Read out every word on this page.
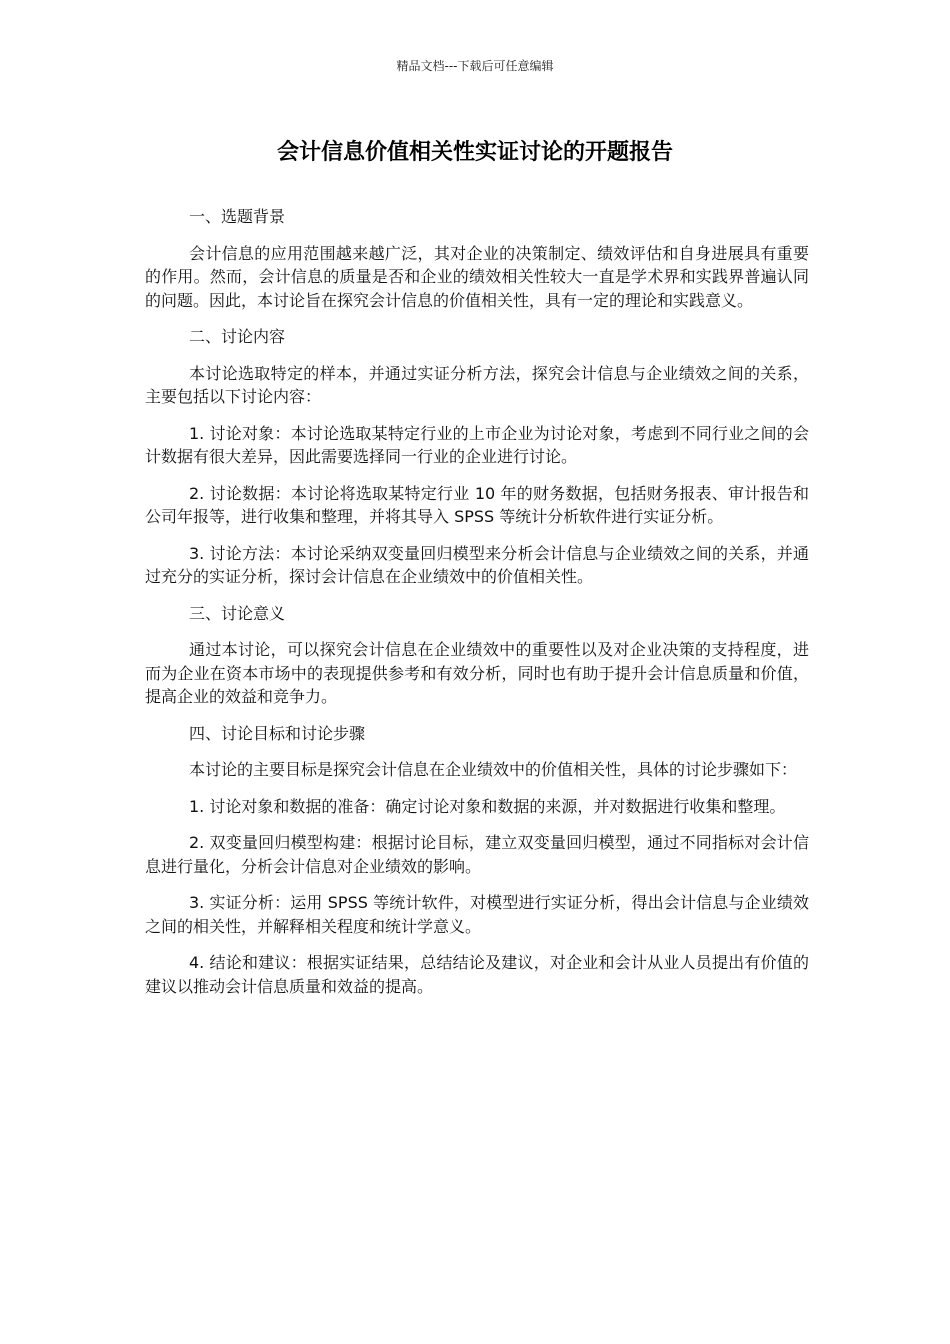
精品文档---下载后可任意编辑
会计信息价值相关性实证讨论的开题报告

一、选题背景

会计信息的应用范围越来越广泛，其对企业的决策制定、绩效评估和自身进展具有重要的作用。然而，会计信息的质量是否和企业的绩效相关性较大一直是学术界和实践界普遍认同的问题。因此，本讨论旨在探究会计信息的价值相关性，具有一定的理论和实践意义。

二、讨论内容

本讨论选取特定的样本，并通过实证分析方法，探究会计信息与企业绩效之间的关系，主要包括以下讨论内容：

1. 讨论对象：本讨论选取某特定行业的上市企业为讨论对象，考虑到不同行业之间的会计数据有很大差异，因此需要选择同一行业的企业进行讨论。

2. 讨论数据：本讨论将选取某特定行业 10 年的财务数据，包括财务报表、审计报告和公司年报等，进行收集和整理，并将其导入 SPSS 等统计分析软件进行实证分析。

3. 讨论方法：本讨论采纳双变量回归模型来分析会计信息与企业绩效之间的关系，并通过充分的实证分析，探讨会计信息在企业绩效中的价值相关性。

三、讨论意义

通过本讨论，可以探究会计信息在企业绩效中的重要性以及对企业决策的支持程度，进而为企业在资本市场中的表现提供参考和有效分析，同时也有助于提升会计信息质量和价值，提高企业的效益和竞争力。

四、讨论目标和讨论步骤

本讨论的主要目标是探究会计信息在企业绩效中的价值相关性，具体的讨论步骤如下：

1. 讨论对象和数据的准备：确定讨论对象和数据的来源，并对数据进行收集和整理。

2. 双变量回归模型构建：根据讨论目标，建立双变量回归模型，通过不同指标对会计信息进行量化，分析会计信息对企业绩效的影响。

3. 实证分析：运用 SPSS 等统计软件，对模型进行实证分析，得出会计信息与企业绩效之间的相关性，并解释相关程度和统计学意义。

4. 结论和建议：根据实证结果，总结结论及建议，对企业和会计从业人员提出有价值的建议以推动会计信息质量和效益的提高。
